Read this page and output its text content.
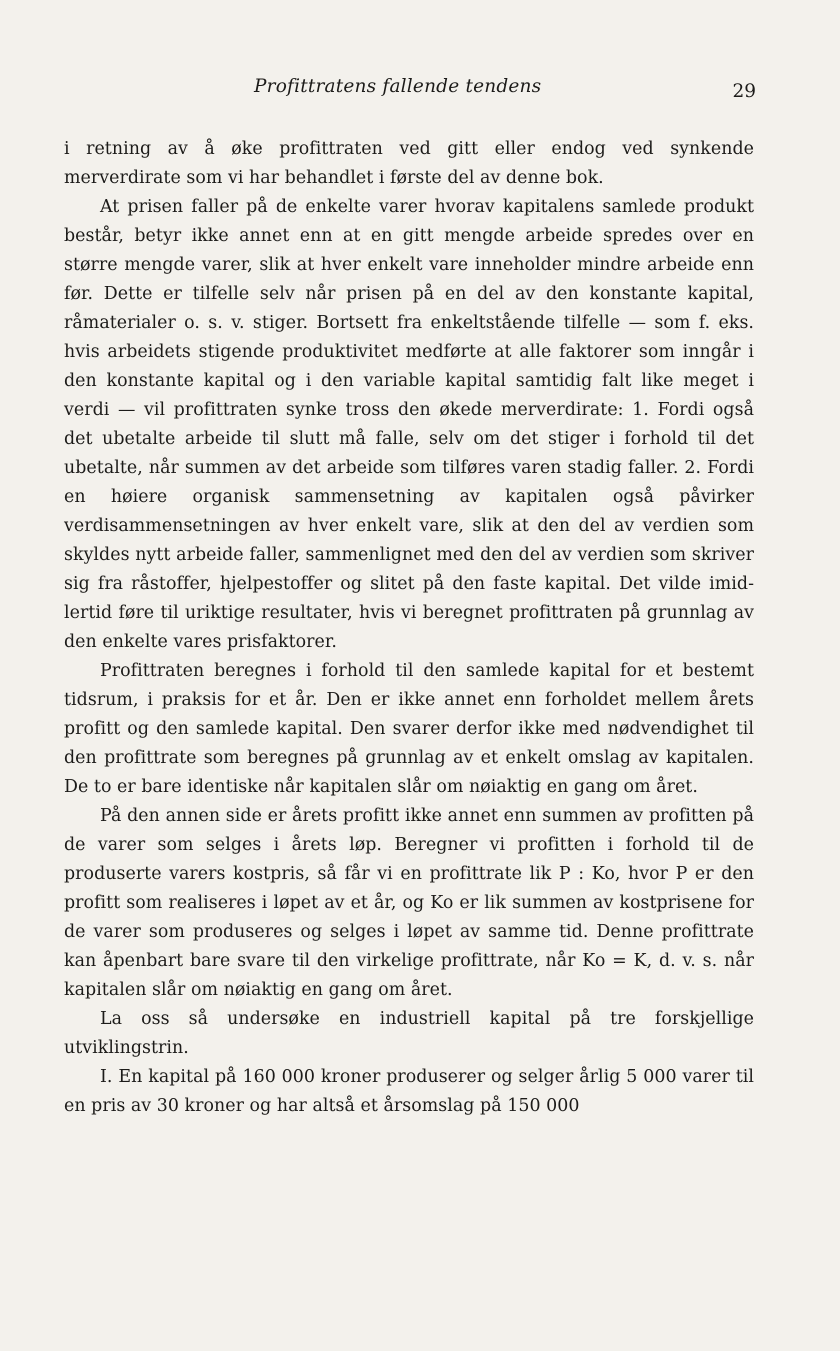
Profittratens fallende tendens	29

i retning av å øke profittraten ved gitt eller endog ved synkende merverdirate som vi har behandlet i første del av denne bok.

At prisen faller på de enkelte varer hvorav kapitalens samlede produkt består, betyr ikke annet enn at en gitt mengde arbeide spredes over en større mengde varer, slik at hver enkelt vare inneholder mindre arbeide enn før. Dette er tilfelle selv når prisen på en del av den konstante kapital, råmaterialer o. s. v. stiger. Bortsett fra enkeltstående tilfelle — som f. eks. hvis arbeidets stigende produktivitet medførte at alle faktorer som inngår i den konstante kapital og i den variable kapital samtidig falt like meget i verdi — vil profittraten synke tross den økede merverdirate: 1. Fordi også det ubetalte arbeide til slutt må falle, selv om det stiger i forhold til det ubetalte, når summen av det arbeide som tilføres varen stadig faller. 2. Fordi en høiere organisk sammensetning av kapitalen også påvirker verdisammensetningen av hver enkelt vare, slik at den del av verdien som skyldes nytt arbeide faller, sammenlignet med den del av verdien som skriver sig fra råstoffer, hjelpestoffer og slitet på den faste kapital. Det vilde imidlertid føre til uriktige resultater, hvis vi beregnet profittraten på grunnlag av den enkelte vares prisfaktorer.

Profittraten beregnes i forhold til den samlede kapital for et bestemt tidsrum, i praksis for et år. Den er ikke annet enn forholdet mellem årets profitt og den samlede kapital. Den svarer derfor ikke med nødvendighet til den profittrate som beregnes på grunnlag av et enkelt omslag av kapitalen. De to er bare identiske når kapitalen slår om nøiaktig en gang om året.

På den annen side er årets profitt ikke annet enn summen av profitten på de varer som selges i årets løp. Beregner vi profitten i forhold til de produserte varers kostpris, så får vi en profittrate lik P : Ko, hvor P er den profitt som realiseres i løpet av et år, og Ko er lik summen av kostprisene for de varer som produseres og selges i løpet av samme tid. Denne profittrate kan åpenbart bare svare til den virkelige profittrate, når Ko = K, d. v. s. når kapitalen slår om nøiaktig en gang om året.

La oss så undersøke en industriell kapital på tre forskjellige utviklingstrin.

I. En kapital på 160 000 kroner produserer og selger årlig 5 000 varer til en pris av 30 kroner og har altså et årsomslag på 150 000
